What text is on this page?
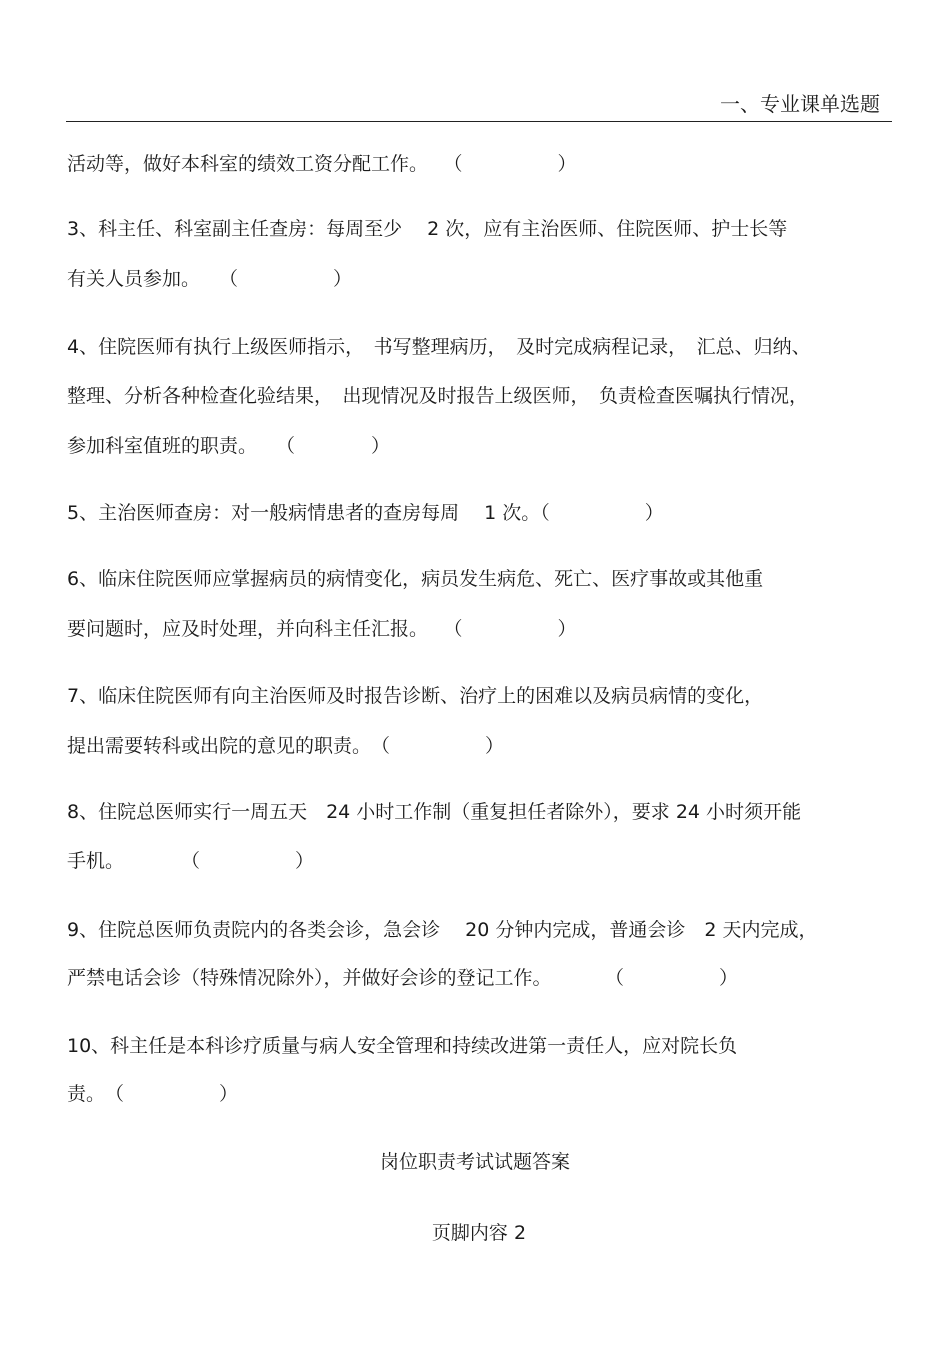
一、专业课单选题
活动等，做好本科室的绩效工资分配工作。　 （　　　　　）
3、科主任、科室副主任查房：每周至少　 2 次，应有主治医师、住院医师、护士长等
有关人员参加。　　（　　　　　）
4、住院医师有执行上级医师指示，　书写整理病历，　及时完成病程记录，　汇总、归纳、
整理、分析各种检查化验结果，　出现情况及时报告上级医师，　负责检查医嘱执行情况，
参加科室值班的职责。　　（　　　　）
5、主治医师查房：对一般病情患者的查房每周　 1 次。（　　　　　）
6、临床住院医师应掌握病员的病情变化，病员发生病危、死亡、医疗事故或其他重
要问题时，应及时处理，并向科主任汇报。　 （　　　　　）
7、临床住院医师有向主治医师及时报告诊断、治疗上的困难以及病员病情的变化，
提出需要转科或出院的意见的职责。　（　　　　　）
8、住院总医师实行一周五天　24 小时工作制（重复担任者除外），要求 24 小时须开能
手机。　　　　（　　　　　）
9、住院总医师负责院内的各类会诊，急会诊　 20 分钟内完成，普通会诊　2 天内完成，
严禁电话会诊（特殊情况除外），并做好会诊的登记工作。　　　 （　　　　　）
10、科主任是本科诊疗质量与病人安全管理和持续改进第一责任人，应对院长负
责。　（　　　　　）
岗位职责考试试题答案
页脚内容 2
